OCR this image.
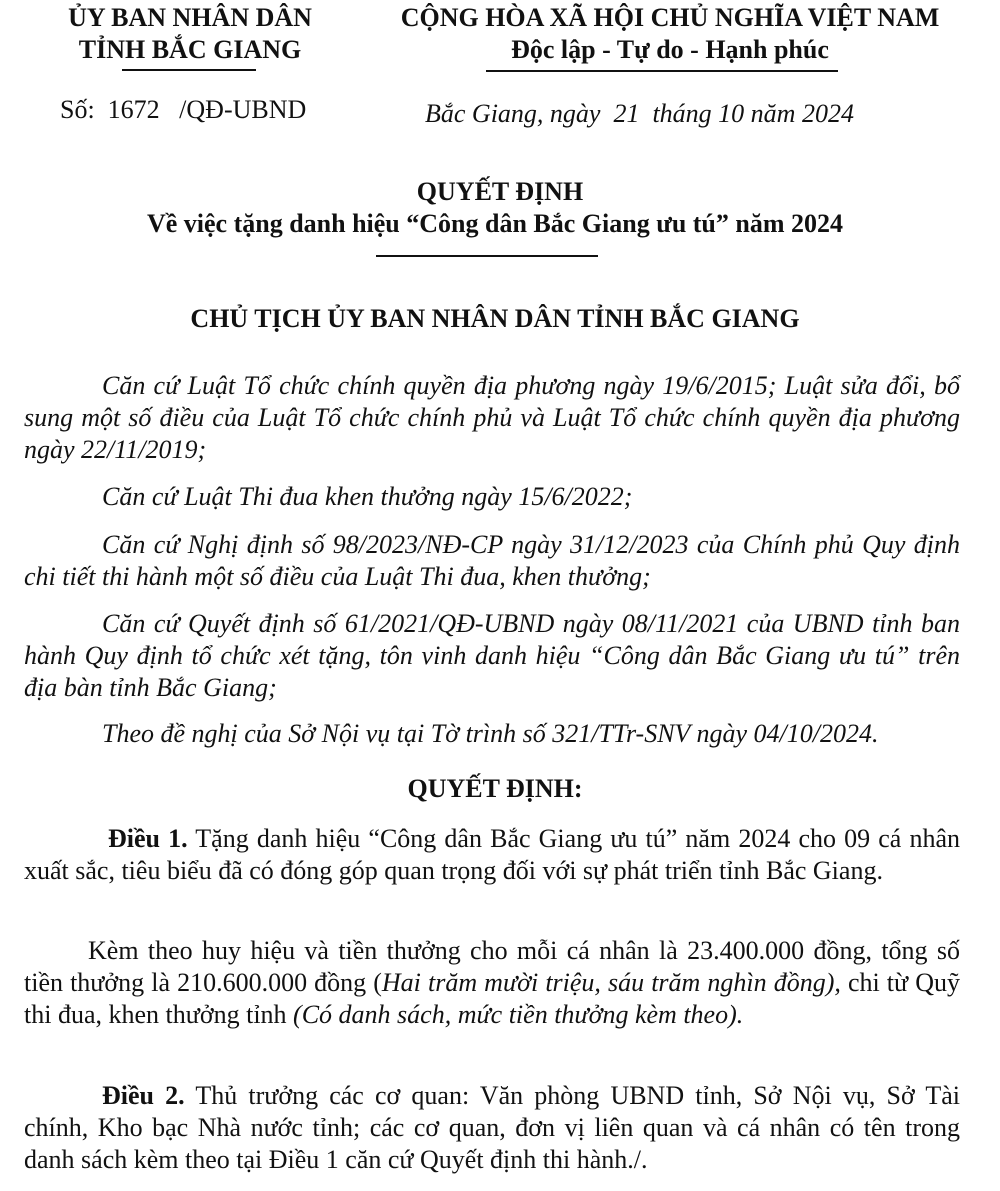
ỦY BAN NHÂN DÂN
TỈNH BẮC GIANG
CỘNG HÒA XÃ HỘI CHỦ NGHĨA VIỆT NAM
Độc lập - Tự do - Hạnh phúc
Số:  1672   /QĐ-UBND	Bắc Giang, ngày  21  tháng 10 năm 2024
QUYẾT ĐỊNH
Về việc tặng danh hiệu “Công dân Bắc Giang ưu tú” năm 2024
CHỦ TỊCH ỦY BAN NHÂN DÂN TỈNH BẮC GIANG
Căn cứ Luật Tổ chức chính quyền địa phương ngày 19/6/2015; Luật sửa đổi, bổ sung một số điều của Luật Tổ chức chính phủ và Luật Tổ chức chính quyền địa phương ngày 22/11/2019;
Căn cứ Luật Thi đua khen thưởng ngày 15/6/2022;
Căn cứ Nghị định số 98/2023/NĐ-CP ngày 31/12/2023 của Chính phủ Quy định chi tiết thi hành một số điều của Luật Thi đua, khen thưởng;
Căn cứ Quyết định số 61/2021/QĐ-UBND ngày 08/11/2021 của UBND tỉnh ban hành Quy định tổ chức xét tặng, tôn vinh danh hiệu “Công dân Bắc Giang ưu tú” trên địa bàn tỉnh Bắc Giang;
Theo đề nghị của Sở Nội vụ tại Tờ trình số 321/TTr-SNV ngày 04/10/2024.
QUYẾT ĐỊNH:
Điều 1. Tặng danh hiệu “Công dân Bắc Giang ưu tú” năm 2024 cho 09 cá nhân xuất sắc, tiêu biểu đã có đóng góp quan trọng đối với sự phát triển tỉnh Bắc Giang.
Kèm theo huy hiệu và tiền thưởng cho mỗi cá nhân là 23.400.000 đồng, tổng số tiền thưởng là 210.600.000 đồng (Hai trăm mười triệu, sáu trăm nghìn đồng), chi từ Quỹ thi đua, khen thưởng tỉnh (Có danh sách, mức tiền thưởng kèm theo).
Điều 2. Thủ trưởng các cơ quan: Văn phòng UBND tỉnh, Sở Nội vụ, Sở Tài chính, Kho bạc Nhà nước tỉnh; các cơ quan, đơn vị liên quan và cá nhân có tên trong danh sách kèm theo tại Điều 1 căn cứ Quyết định thi hành./.
